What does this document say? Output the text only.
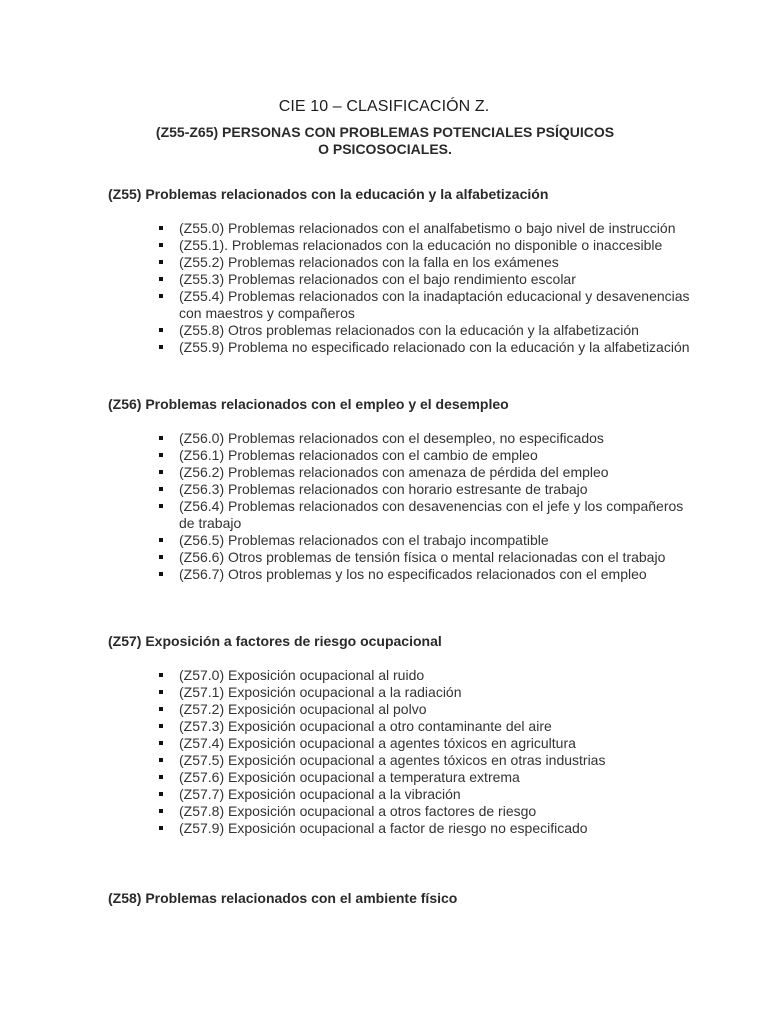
CIE 10 – CLASIFICACIÓN Z.
(Z55-Z65) PERSONAS CON PROBLEMAS POTENCIALES PSÍQUICOS O PSICOSOCIALES.

(Z55) Problemas relacionados con la educación y la alfabetización

(Z55.0) Problemas relacionados con el analfabetismo o bajo nivel de instrucción
(Z55.1). Problemas relacionados con la educación no disponible o inaccesible
(Z55.2) Problemas relacionados con la falla en los exámenes
(Z55.3) Problemas relacionados con el bajo rendimiento escolar
(Z55.4) Problemas relacionados con la inadaptación educacional y desavenencias con maestros y compañeros
(Z55.8) Otros problemas relacionados con la educación y la alfabetización
(Z55.9) Problema no especificado relacionado con la educación y la alfabetización

(Z56) Problemas relacionados con el empleo y el desempleo

(Z56.0) Problemas relacionados con el desempleo, no especificados
(Z56.1) Problemas relacionados con el cambio de empleo
(Z56.2) Problemas relacionados con amenaza de pérdida del empleo
(Z56.3) Problemas relacionados con horario estresante de trabajo
(Z56.4) Problemas relacionados con desavenencias con el jefe y los compañeros de trabajo
(Z56.5) Problemas relacionados con el trabajo incompatible
(Z56.6) Otros problemas de tensión física o mental relacionadas con el trabajo
(Z56.7) Otros problemas y los no especificados relacionados con el empleo

(Z57) Exposición a factores de riesgo ocupacional

(Z57.0) Exposición ocupacional al ruido
(Z57.1) Exposición ocupacional a la radiación
(Z57.2) Exposición ocupacional al polvo
(Z57.3) Exposición ocupacional a otro contaminante del aire
(Z57.4) Exposición ocupacional a agentes tóxicos en agricultura
(Z57.5) Exposición ocupacional a agentes tóxicos en otras industrias
(Z57.6) Exposición ocupacional a temperatura extrema
(Z57.7) Exposición ocupacional a la vibración
(Z57.8) Exposición ocupacional a otros factores de riesgo
(Z57.9) Exposición ocupacional a factor de riesgo no especificado

(Z58) Problemas relacionados con el ambiente físico
